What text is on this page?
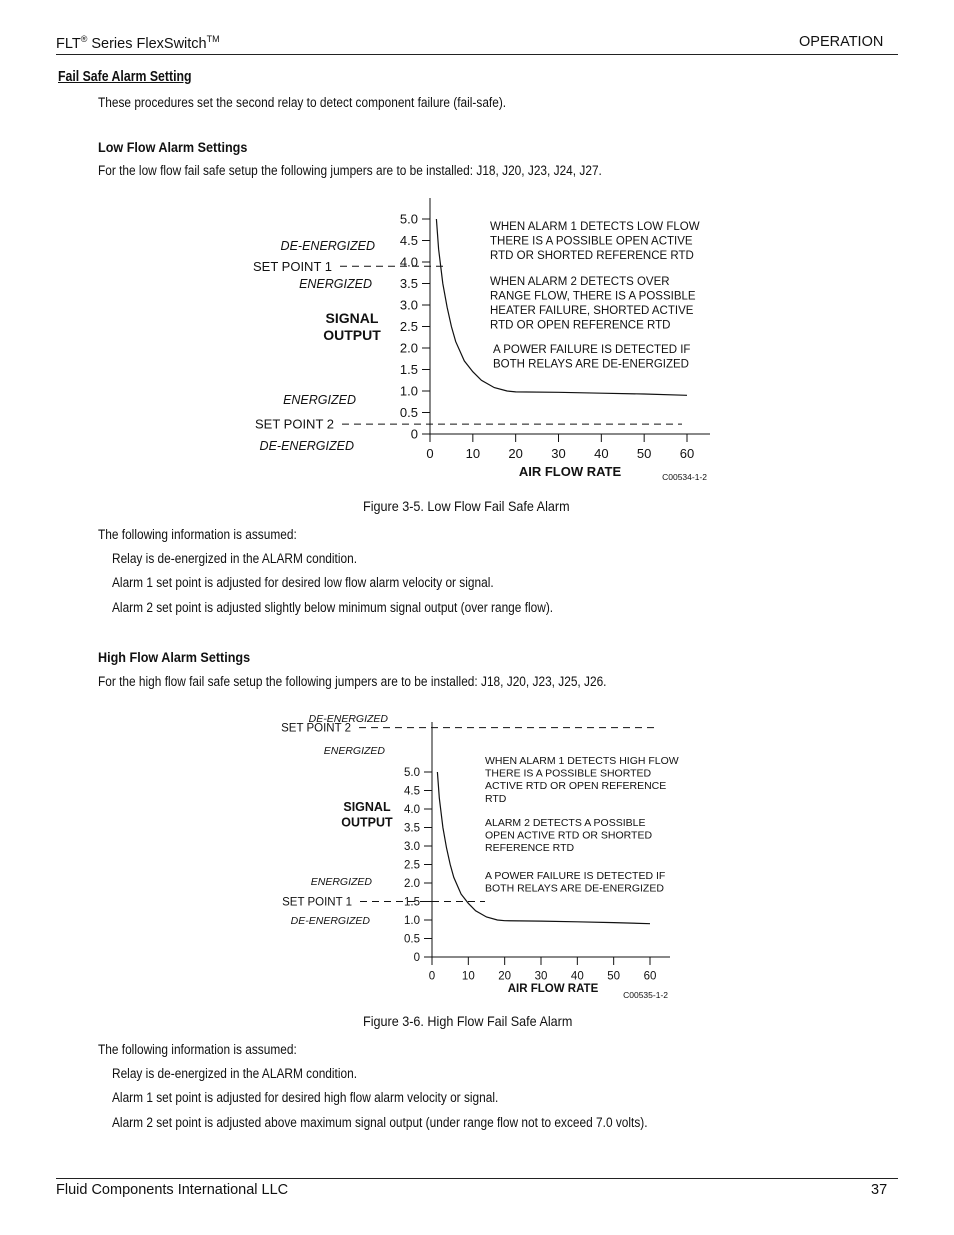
FLT® Series FlexSwitch™	OPERATION
Fail Safe Alarm Setting
These procedures set the second relay to detect component failure (fail-safe).
Low Flow Alarm Settings
For the low flow fail safe setup the following jumpers are to be installed: J18, J20, J23, J24, J27.
0
0.5
1.0
1.5
2.0
2.5
3.0
3.5
4.0
4.5
5.0
0 10 20 30 40 50 60
AIR FLOW RATE
SIGNAL
OUTPUT
SET POINT 1
SET POINT 2
DE-ENERGIZED
ENERGIZED
ENERGIZED
DE-ENERGIZED
WHEN ALARM 1 DETECTS LOW FLOW
THERE IS A POSSIBLE OPEN ACTIVE
RTD OR SHORTED REFERENCE RTD
WHEN ALARM 2 DETECTS OVER
RANGE FLOW, THERE IS A POSSIBLE
HEATER FAILURE, SHORTED ACTIVE
RTD OR OPEN REFERENCE RTD
A POWER FAILURE IS DETECTED IF
BOTH RELAYS ARE DE-ENERGIZED
C00534-1-2
Figure 3-5. Low Flow Fail Safe Alarm
The following information is assumed:
Relay is de-energized in the ALARM condition.
Alarm 1 set point is adjusted for desired low flow alarm velocity or signal.
Alarm 2 set point is adjusted slightly below minimum signal output (over range flow).
High Flow Alarm Settings
For the high flow fail safe setup the following jumpers are to be installed: J18, J20, J23, J25, J26.
0
0.5
1.0
1.5
2.0
2.5
3.0
3.5
4.0
4.5
5.0
0 10 20 30 40 50 60
AIR FLOW RATE
SIGNAL
OUTPUT
SET POINT 2
SET POINT 1
DE-ENERGIZED
ENERGIZED
ENERGIZED
DE-ENERGIZED
WHEN ALARM 1 DETECTS HIGH FLOW
THERE IS A POSSIBLE SHORTED
ACTIVE RTD OR OPEN REFERENCE
RTD
ALARM 2 DETECTS A POSSIBLE
OPEN ACTIVE RTD OR SHORTED
REFERENCE RTD
A POWER FAILURE IS DETECTED IF
BOTH RELAYS ARE DE-ENERGIZED
C00535-1-2
Figure 3-6. High Flow Fail Safe Alarm
The following information is assumed:
Relay is de-energized in the ALARM condition.
Alarm 1 set point is adjusted for desired high flow alarm velocity or signal.
Alarm 2 set point is adjusted above maximum signal output (under range flow not to exceed 7.0 volts).
Fluid Components International LLC	37
